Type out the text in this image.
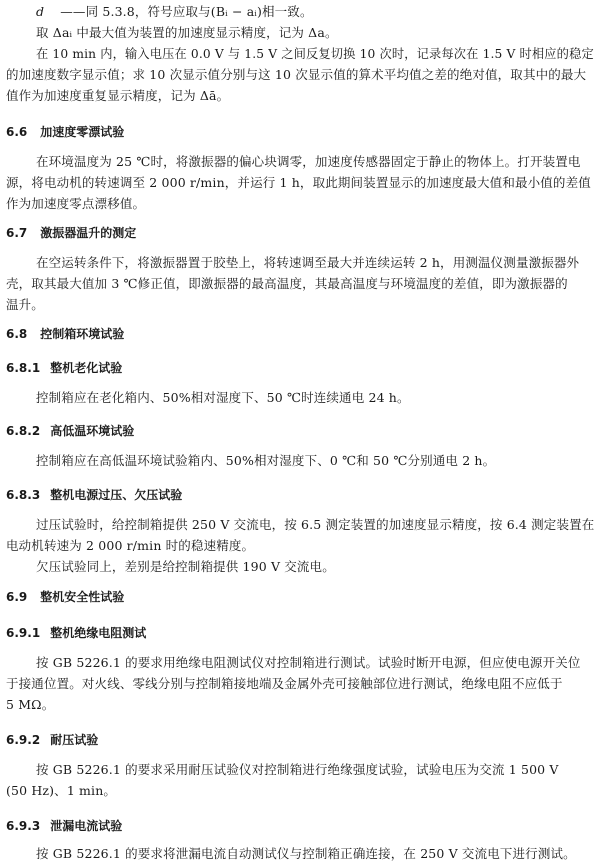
d ——同 5.3.8，符号应取与(Bᵢ − aᵢ)相一致。
取 Δaᵢ 中最大值为装置的加速度显示精度，记为 Δa。
在 10 min 内，输入电压在 0.0 V 与 1.5 V 之间反复切换 10 次时，记录每次在 1.5 V 时相应的稳定
的加速度数字显示值；求 10 次显示值分别与这 10 次显示值的算术平均值之差的绝对值，取其中的最大
值作为加速度重复显示精度，记为 Δā。
6.6 加速度零漂试验
在环境温度为 25 ℃时，将激振器的偏心块调零，加速度传感器固定于静止的物体上。打开装置电
源，将电动机的转速调至 2 000 r/min，并运行 1 h，取此期间装置显示的加速度最大值和最小值的差值
作为加速度零点漂移值。
6.7 激振器温升的测定
在空运转条件下，将激振器置于胶垫上，将转速调至最大并连续运转 2 h，用测温仪测量激振器外
壳，取其最大值加 3 ℃修正值，即激振器的最高温度，其最高温度与环境温度的差值，即为激振器的
温升。
6.8 控制箱环境试验
6.8.1 整机老化试验
控制箱应在老化箱内、50%相对湿度下、50 ℃时连续通电 24 h。
6.8.2 高低温环境试验
控制箱应在高低温环境试验箱内、50%相对湿度下、0 ℃和 50 ℃分别通电 2 h。
6.8.3 整机电源过压、欠压试验
过压试验时，给控制箱提供 250 V 交流电，按 6.5 测定装置的加速度显示精度，按 6.4 测定装置在
电动机转速为 2 000 r/min 时的稳速精度。
欠压试验同上，差别是给控制箱提供 190 V 交流电。
6.9 整机安全性试验
6.9.1 整机绝缘电阻测试
按 GB 5226.1 的要求用绝缘电阻测试仪对控制箱进行测试。试验时断开电源，但应使电源开关位
于接通位置。对火线、零线分别与控制箱接地端及金属外壳可接触部位进行测试，绝缘电阻不应低于
5 MΩ。
6.9.2 耐压试验
按 GB 5226.1 的要求采用耐压试验仪对控制箱进行绝缘强度试验，试验电压为交流 1 500 V
(50 Hz)、1 min。
6.9.3 泄漏电流试验
按 GB 5226.1 的要求将泄漏电流自动测试仪与控制箱正确连接，在 250 V 交流电下进行测试。
